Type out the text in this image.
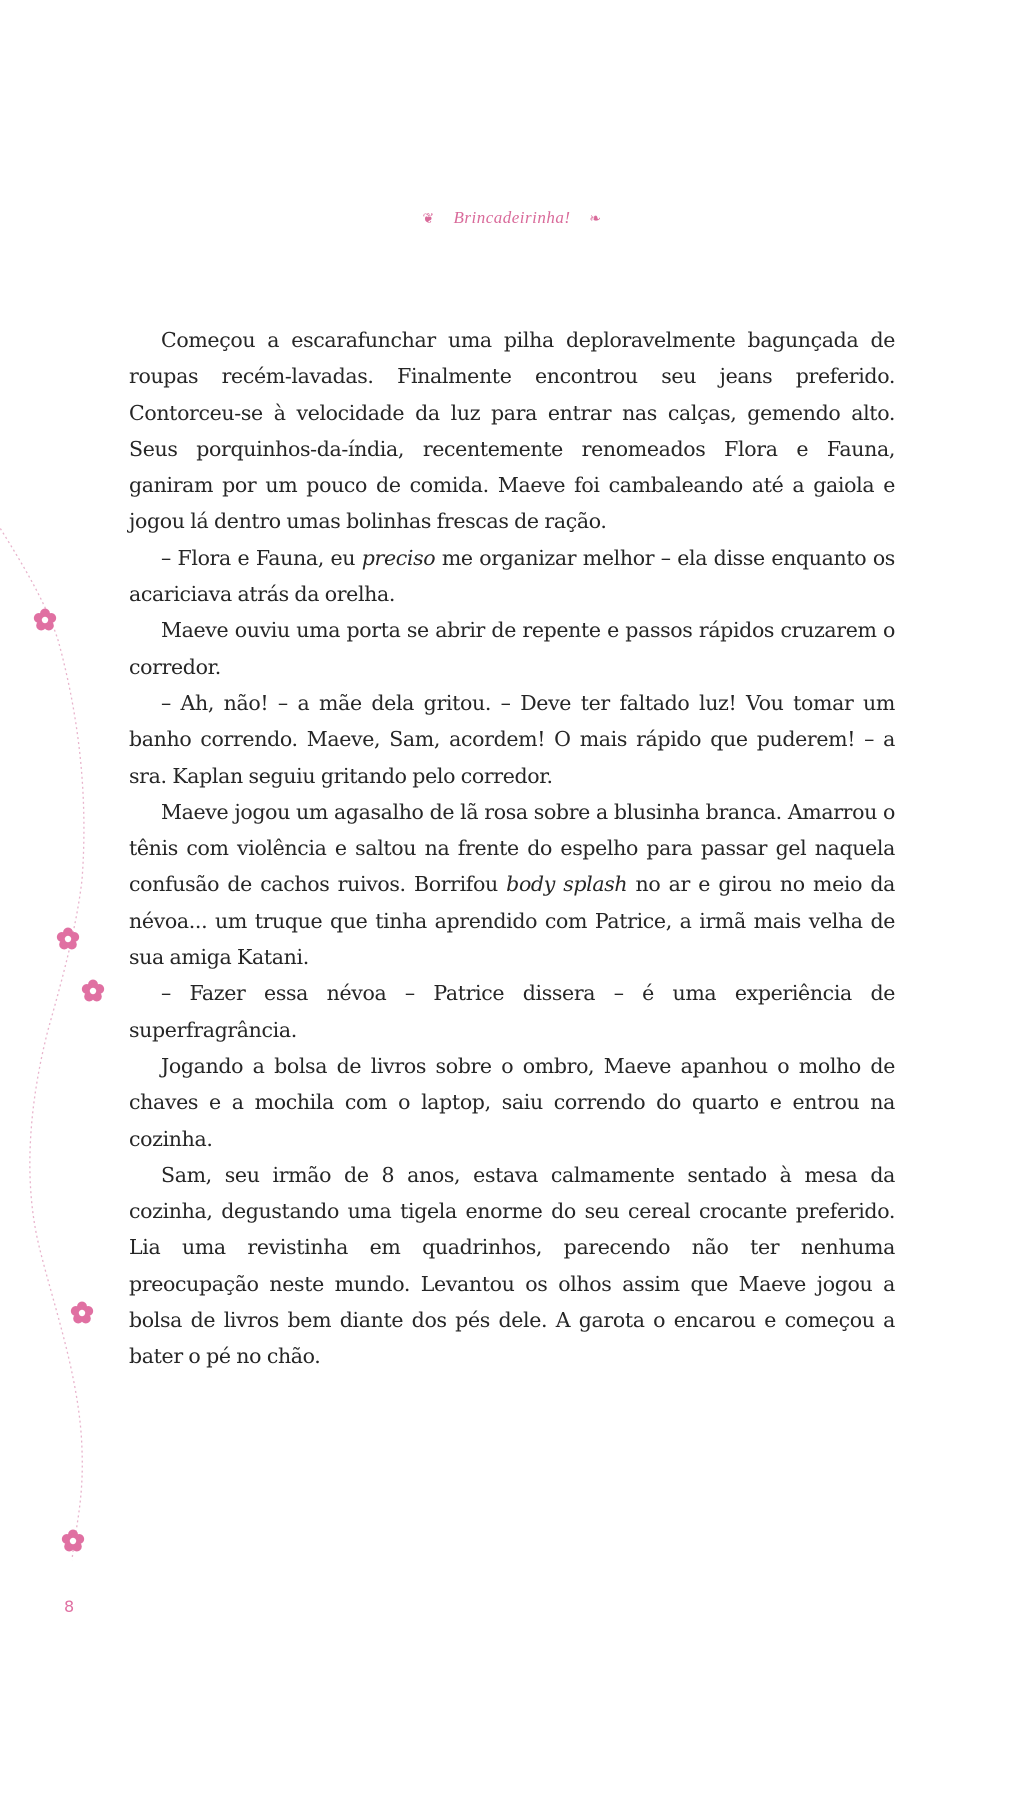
❦ Brincadeirinha! ❧

Começou a escarafunchar uma pilha deploravelmente bagunçada de roupas recém-lavadas. Finalmente encontrou seu jeans preferido. Contorceu-se à velocidade da luz para entrar nas calças, gemendo alto. Seus porquinhos-da-índia, recentemente renomeados Flora e Fauna, ganiram por um pouco de comida. Maeve foi cambaleando até a gaiola e jogou lá dentro umas bolinhas frescas de ração.

– Flora e Fauna, eu preciso me organizar melhor – ela disse enquanto os acariciava atrás da orelha.

Maeve ouviu uma porta se abrir de repente e passos rápidos cruzarem o corredor.

– Ah, não! – a mãe dela gritou. – Deve ter faltado luz! Vou tomar um banho correndo. Maeve, Sam, acordem! O mais rápido que puderem! – a sra. Kaplan seguiu gritando pelo corredor.

Maeve jogou um agasalho de lã rosa sobre a blusinha branca. Amarrou o tênis com violência e saltou na frente do espelho para passar gel naquela confusão de cachos ruivos. Borrifou body splash no ar e girou no meio da névoa... um truque que tinha aprendido com Patrice, a irmã mais velha de sua amiga Katani.

– Fazer essa névoa – Patrice dissera – é uma experiência de superfragrância.

Jogando a bolsa de livros sobre o ombro, Maeve apanhou o molho de chaves e a mochila com o laptop, saiu correndo do quarto e entrou na cozinha.

Sam, seu irmão de 8 anos, estava calmamente sentado à mesa da cozinha, degustando uma tigela enorme do seu cereal crocante preferido. Lia uma revistinha em quadrinhos, parecendo não ter nenhuma preocupação neste mundo. Levantou os olhos assim que Maeve jogou a bolsa de livros bem diante dos pés dele. A garota o encarou e começou a bater o pé no chão.

8
